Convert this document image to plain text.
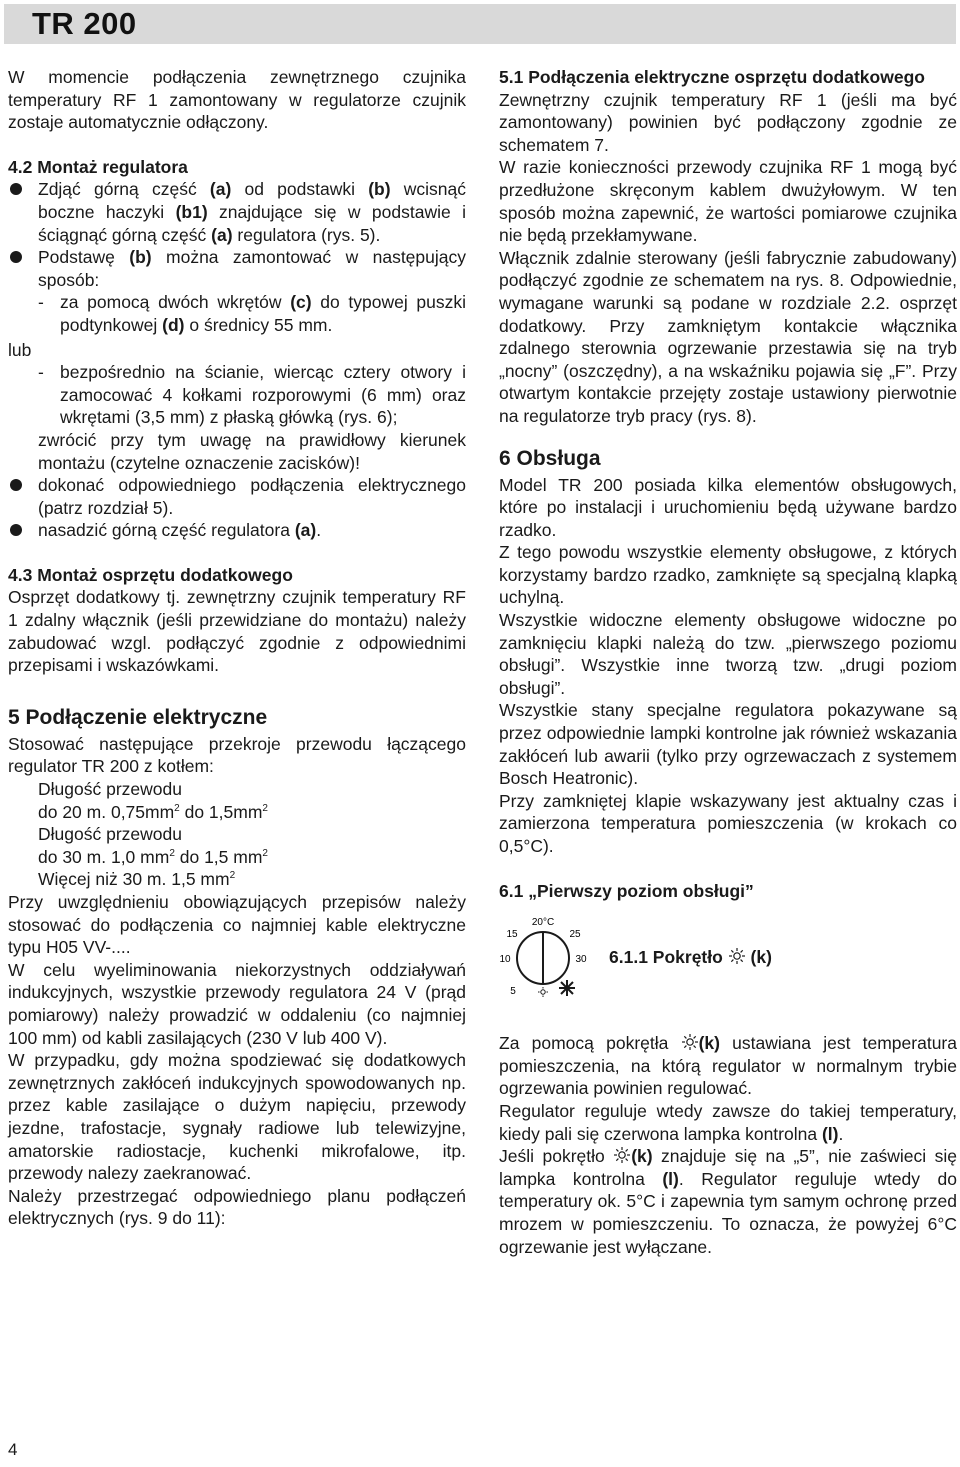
TR 200

W momencie podłączenia zewnętrznego czujnika temperatury RF 1 zamontowany w regulatorze czujnik zostaje automatycznie odłączony.

4.2 Montaż regulatora

Zdjąć górną część (a) od podstawki (b) wcisnąć boczne haczyki (b1) znajdujące się w podstawie i ściągnąć górną część (a) regulatora (rys. 5).

Podstawę (b) można zamontować w następujący sposób:

- za pomocą dwóch wkrętów (c) do typowej puszki podtynkowej (d) o średnicy 55 mm.

lub

- bezpośrednio na ścianie, wiercąc cztery otwory i zamocować 4 kołkami rozporowymi (6 mm) oraz wkrętami (3,5 mm) z płaską główką (rys. 6);

zwrócić przy tym uwagę na prawidłowy kierunek montażu (czytelne oznaczenie zacisków)!

dokonać odpowiedniego podłączenia elektrycznego (patrz rozdział 5).

nasadzić górną część regulatora (a).

4.3 Montaż osprzętu dodatkowego

Osprzęt dodatkowy tj. zewnętrzny czujnik temperatury RF 1 zdalny włącznik (jeśli przewidziane do montażu) należy zabudować wzgl. podłączyć zgodnie z odpowiednimi przepisami i wskazówkami.

5 Podłączenie elektryczne

Stosować następujące przekroje przewodu łączącego regulator TR 200 z kotłem:

Długość przewodu
do 20 m. $0,75mm^2$ do $1,5mm^2$
Długość przewodu
do 30 m. 1,0 $mm^2$ do 1,5 $mm^2$
Więcej niż 30 m. 1,5 $mm^2$

Przy uwzględnieniu obowiązujących przepisów należy stosować do podłączenia co najmniej kable elektryczne typu H05 VV-....

W celu wyeliminowania niekorzystnych oddziaływań indukcyjnych, wszystkie przewody regulatora 24 V (prąd pomiarowy) należy prowadzić w oddaleniu (co najmniej 100 mm) od kabli zasilających (230 V lub 400 V).

W przypadku, gdy można spodziewać się dodatkowych zewnętrznych zakłóceń indukcyjnych spowodowanych np. przez kable zasilające o dużym napięciu, przewody jezdne, trafostacje, sygnały radiowe lub telewizyjne, amatorskie radiostacje, kuchenki mikrofalowe, itp. przewody nalezy zaekranować.

Należy przestrzegać odpowiedniego planu podłączeń elektrycznych (rys. 9 do 11):

5.1 Podłączenia elektryczne osprzętu dodatkowego

Zewnętrzny czujnik temperatury RF 1 (jeśli ma być zamontowany) powinien być podłączony zgodnie ze schematem 7.

W razie konieczności przewody czujnika RF 1 mogą być przedłużone skręconym kablem dwużyłowym. W ten sposób można zapewnić, że wartości pomiarowe czujnika nie będą przekłamywane.

Włącznik zdalnie sterowany (jeśli fabrycznie zabudowany) podłączyć zgodnie ze schematem na rys. 8. Odpowiednie, wymagane warunki są podane w rozdziale 2.2. osprzęt dodatkowy. Przy zamkniętym kontakcie włącznika zdalnego sterownia ogrzewanie przestawia się na tryb „nocny” (oszczędny), a na wskaźniku pojawia się „F”. Przy otwartym kontakcie przejęty zostaje ustawiony pierwotnie na regulatorze tryb pracy (rys. 8).

6 Obsługa

Model TR 200 posiada kilka elementów obsługowych, które po instalacji i uruchomieniu będą używane bardzo rzadko.

Z tego powodu wszystkie elementy obsługowe, z których korzystamy bardzo rzadko, zamknięte są specjalną klapką uchylną.

Wszystkie widoczne elementy obsługowe widoczne po zamknięciu klapki należą do tzw. „pierwszego poziomu obsługi”. Wszystkie inne tworzą tzw. „drugi poziom obsługi”.

Wszystkie stany specjalne regulatora pokazywane są przez odpowiednie lampki kontrolne jak również wskazania zakłóceń lub awarii (tylko przy ogrzewaczach z systemem Bosch Heatronic).

Przy zamkniętej klapie wskazywany jest aktualny czas i zamierzona temperatura pomieszczenia (w krokach co 0,5°C).

6.1 „Pierwszy poziom obsługi”
20°C
15	25
10	30
5
6.1.1 Pokrętło  (k)

Za pomocą pokrętła (k) ustawiana jest temperatura pomieszczenia, na którą regulator w normalnym trybie ogrzewania powinien regulować.

Regulator reguluje wtedy zawsze do takiej temperatury, kiedy pali się czerwona lampka kontrolna (l).

Jeśli pokrętło (k) znajduje się na „5”, nie zaświeci się lampka kontrolna (l). Regulator reguluje wtedy do temperatury ok. 5°C i zapewnia tym samym ochronę przed mrozem w pomieszczeniu. To oznacza, że powyżej 6°C ogrzewanie jest wyłączane.

4
